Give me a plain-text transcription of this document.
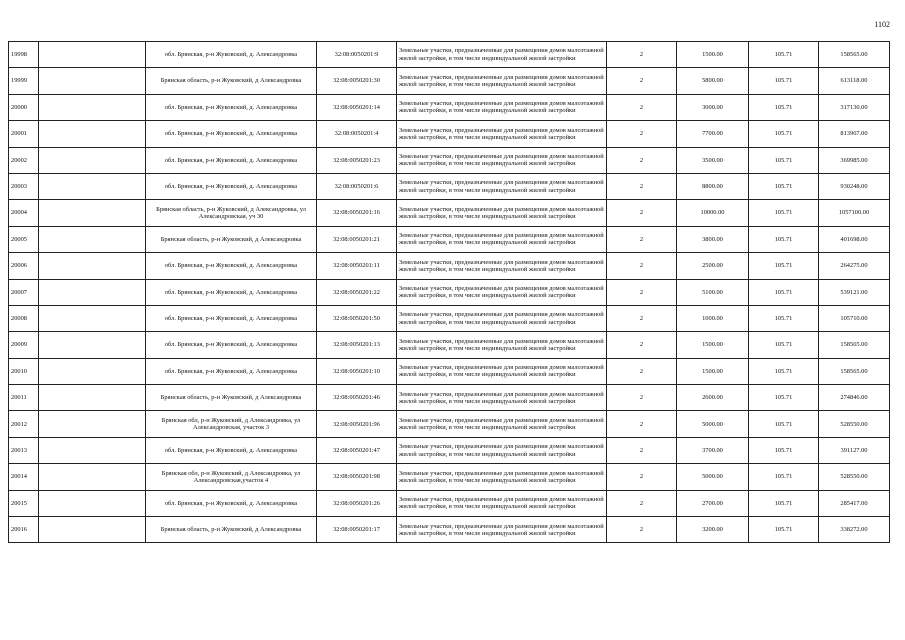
1102
19998		обл. Брянская, р-н Жуковский, д. Александровка	32:08:0050201:9	Земельные участки, предназначенные для размещения домов малоэтажной жилой застройки, в том числе индивидуальной жилой застройки	2	1500.00	105.71	158565.00
19999		Брянская область, р-н Жуковский, д Александровка	32:08:0050201:30	Земельные участки, предназначенные для размещения домов малоэтажной жилой застройки, в том числе индивидуальной жилой застройки	2	5800.00	105.71	613118.00
20000		обл. Брянская, р-н Жуковский, д. Александровка	32:08:0050201:14	Земельные участки, предназначенные для размещения домов малоэтажной жилой застройки, в том числе индивидуальной жилой застройки	2	3000.00	105.71	317130.00
20001		обл. Брянская, р-н Жуковский, д. Александровка	32:08:0050201:4	Земельные участки, предназначенные для размещения домов малоэтажной жилой застройки, в том числе индивидуальной жилой застройки	2	7700.00	105.71	813967.00
20002		обл. Брянская, р-н Жуковский, д. Александровка	32:08:0050201:23	Земельные участки, предназначенные для размещения домов малоэтажной жилой застройки, в том числе индивидуальной жилой застройки	2	3500.00	105.71	369985.00
20003		обл. Брянская, р-н Жуковский, д. Александровка	32:08:0050201:6	Земельные участки, предназначенные для размещения домов малоэтажной жилой застройки, в том числе индивидуальной жилой застройки	2	8800.00	105.71	930248.00
20004		Брянская область, р-н Жуковский, д Александровка, ул Александровская, уч 30	32:08:0050201:16	Земельные участки, предназначенные для размещения домов малоэтажной жилой застройки, в том числе индивидуальной жилой застройки	2	10000.00	105.71	1057100.00
20005		Брянская область, р-н Жуковский, д Александровка	32:08:0050201:21	Земельные участки, предназначенные для размещения домов малоэтажной жилой застройки, в том числе индивидуальной жилой застройки	2	3800.00	105.71	401698.00
20006		обл. Брянская, р-н Жуковский, д. Александровка	32:08:0050201:11	Земельные участки, предназначенные для размещения домов малоэтажной жилой застройки, в том числе индивидуальной жилой застройки	2	2500.00	105.71	264275.00
20007		обл. Брянская, р-н Жуковский, д. Александровка	32:08:0050201:22	Земельные участки, предназначенные для размещения домов малоэтажной жилой застройки, в том числе индивидуальной жилой застройки	2	5100.00	105.71	539121.00
20008		обл. Брянская, р-н Жуковский, д. Александровка	32:08:0050201:50	Земельные участки, предназначенные для размещения домов малоэтажной жилой застройки, в том числе индивидуальной жилой застройки	2	1000.00	105.71	105710.00
20009		обл. Брянская, р-н Жуковский, д. Александровка	32:08:0050201:13	Земельные участки, предназначенные для размещения домов малоэтажной жилой застройки, в том числе индивидуальной жилой застройки	2	1500.00	105.71	158565.00
20010		обл. Брянская, р-н Жуковский, д. Александровка	32:08:0050201:10	Земельные участки, предназначенные для размещения домов малоэтажной жилой застройки, в том числе индивидуальной жилой застройки	2	1500.00	105.71	158565.00
20011		Брянская область, р-н Жуковский, д Александровка	32:08:0050201:46	Земельные участки, предназначенные для размещения домов малоэтажной жилой застройки, в том числе индивидуальной жилой застройки	2	2600.00	105.71	274846.00
20012		Брянская обл, р-н Жуковский, д Александровка, ул Александровская, участок 3	32:08:0050201:96	Земельные участки, предназначенные для размещения домов малоэтажной жилой застройки, в том числе индивидуальной жилой застройки	2	5000.00	105.71	528550.00
20013		обл. Брянская, р-н Жуковский, д. Александровка	32:08:0050201:47	Земельные участки, предназначенные для размещения домов малоэтажной жилой застройки, в том числе индивидуальной жилой застройки	2	3700.00	105.71	391127.00
20014		Брянская обл, р-н Жуковский, д Александровка, ул Александровская,участок 4	32:08:0050201:98	Земельные участки, предназначенные для размещения домов малоэтажной жилой застройки, в том числе индивидуальной жилой застройки	2	5000.00	105.71	528550.00
20015		обл. Брянская, р-н Жуковский, д. Александровка	32:08:0050201:26	Земельные участки, предназначенные для размещения домов малоэтажной жилой застройки, в том числе индивидуальной жилой застройки	2	2700.00	105.71	285417.00
20016		Брянская область, р-н Жуковский, д Александровка	32:08:0050201:17	Земельные участки, предназначенные для размещения домов малоэтажной жилой застройки, в том числе индивидуальной жилой застройки	2	3200.00	105.71	338272.00
